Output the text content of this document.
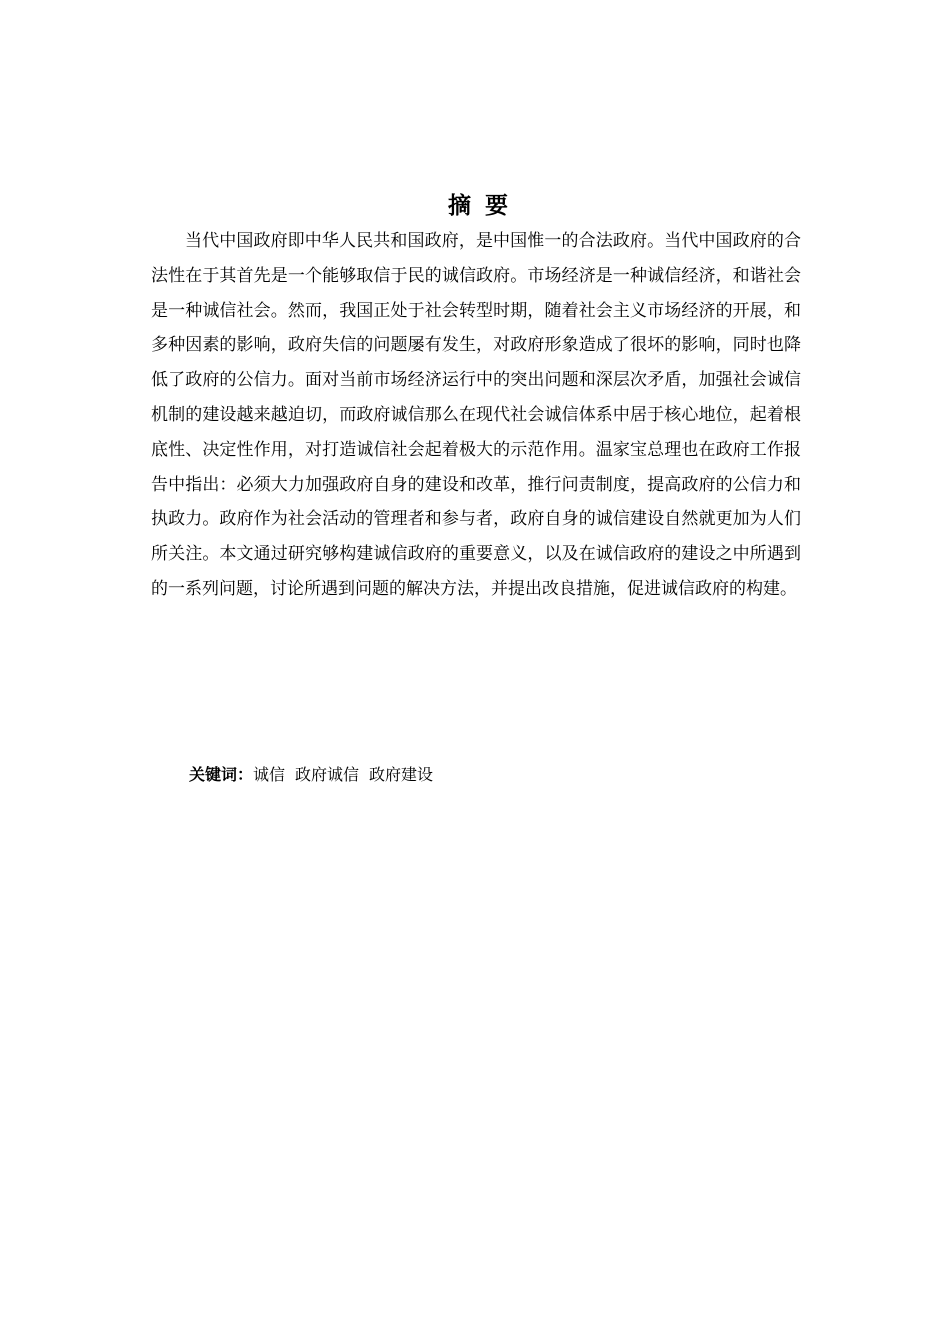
摘要

当代中国政府即中华人民共和国政府，是中国惟一的合法政府。当代中国政府的合法性在于其首先是一个能够取信于民的诚信政府。市场经济是一种诚信经济，和谐社会是一种诚信社会。然而，我国正处于社会转型时期，随着社会主义市场经济的开展，和多种因素的影响，政府失信的问题屡有发生，对政府形象造成了很坏的影响，同时也降低了政府的公信力。面对当前市场经济运行中的突出问题和深层次矛盾，加强社会诚信机制的建设越来越迫切，而政府诚信那么在现代社会诚信体系中居于核心地位，起着根底性、决定性作用，对打造诚信社会起着极大的示范作用。温家宝总理也在政府工作报告中指出：必须大力加强政府自身的建设和改革，推行问责制度，提高政府的公信力和执政力。政府作为社会活动的管理者和参与者，政府自身的诚信建设自然就更加为人们所关注。本文通过研究够构建诚信政府的重要意义，以及在诚信政府的建设之中所遇到的一系列问题，讨论所遇到问题的解决方法，并提出改良措施，促进诚信政府的构建。

关键词：诚信 政府诚信 政府建设
